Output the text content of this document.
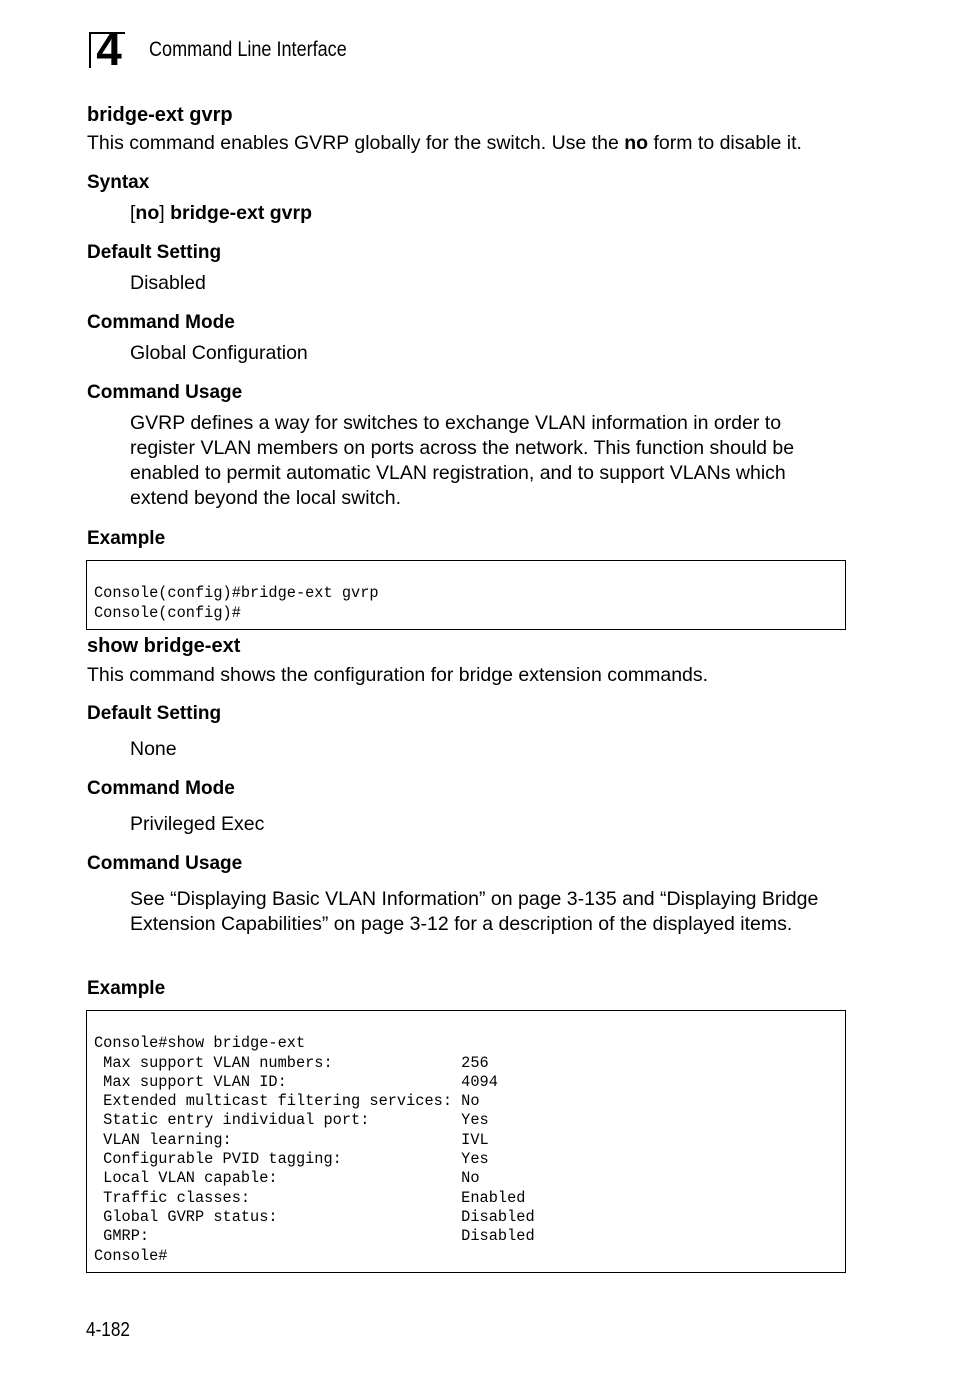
4	Command Line Interface
bridge-ext gvrp
This command enables GVRP globally for the switch. Use the no form to disable it.
Syntax
[no] bridge-ext gvrp
Default Setting
Disabled
Command Mode
Global Configuration
Command Usage
GVRP defines a way for switches to exchange VLAN information in order to register VLAN members on ports across the network. This function should be enabled to permit automatic VLAN registration, and to support VLANs which extend beyond the local switch.
Example

Console(config)#bridge-ext gvrp
Console(config)#
show bridge-ext
This command shows the configuration for bridge extension commands.
Default Setting
None
Command Mode
Privileged Exec
Command Usage
See “Displaying Basic VLAN Information” on page 3-135 and “Displaying Bridge Extension Capabilities” on page 3-12 for a description of the displayed items.
Example

Console#show bridge-ext
Max support VLAN numbers:              256
Max support VLAN ID:                   4094
Extended multicast filtering services: No
Static entry individual port:          Yes
VLAN learning:                         IVL
Configurable PVID tagging:             Yes
Local VLAN capable:                    No
Traffic classes:                       Enabled
Global GVRP status:                    Disabled
GMRP:                                  Disabled
Console#
4-182
